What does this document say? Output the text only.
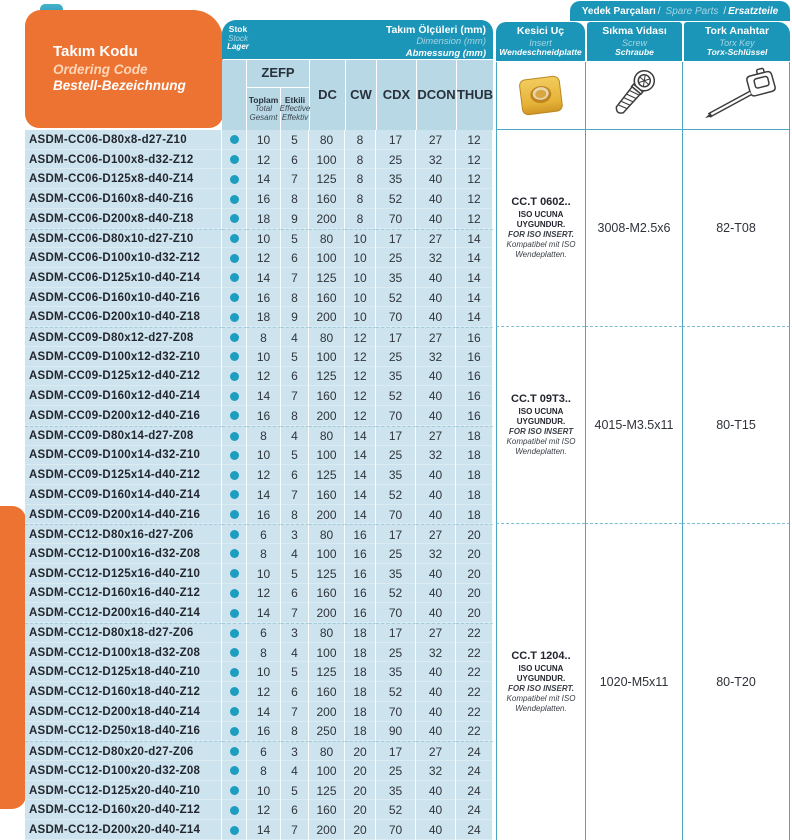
Takım Kodu
Ordering Code
Bestell-Bezeichnung
Stok
Stock
Lager
Takım Ölçüleri (mm)
Dimension (mm)
Abmessung (mm)
ZEFP
Toplam
Total
Gesamt
Etkili
Effective
Effektiv
DC CW CDX DCON THUB
Yedek Parçaları / Spare Parts / Ersatzteile
Kesici Uç
Insert
Wendeschneidplatte
Sıkma Vidası
Screw
Schraube
Tork Anahtar
Torx Key
Torx-Schlüssel
ASDM-CC06-D80x8-d27-Z10	10	5	80	8	17	27	12
ASDM-CC06-D100x8-d32-Z12	12	6	100	8	25	32	12
ASDM-CC06-D125x8-d40-Z14	14	7	125	8	35	40	12
ASDM-CC06-D160x8-d40-Z16	16	8	160	8	52	40	12
ASDM-CC06-D200x8-d40-Z18	18	9	200	8	70	40	12
ASDM-CC06-D80x10-d27-Z10	10	5	80	10	17	27	14
ASDM-CC06-D100x10-d32-Z12	12	6	100	10	25	32	14
ASDM-CC06-D125x10-d40-Z14	14	7	125	10	35	40	14
ASDM-CC06-D160x10-d40-Z16	16	8	160	10	52	40	14
ASDM-CC06-D200x10-d40-Z18	18	9	200	10	70	40	14
ASDM-CC09-D80x12-d27-Z08	8	4	80	12	17	27	16
ASDM-CC09-D100x12-d32-Z10	10	5	100	12	25	32	16
ASDM-CC09-D125x12-d40-Z12	12	6	125	12	35	40	16
ASDM-CC09-D160x12-d40-Z14	14	7	160	12	52	40	16
ASDM-CC09-D200x12-d40-Z16	16	8	200	12	70	40	16
ASDM-CC09-D80x14-d27-Z08	8	4	80	14	17	27	18
ASDM-CC09-D100x14-d32-Z10	10	5	100	14	25	32	18
ASDM-CC09-D125x14-d40-Z12	12	6	125	14	35	40	18
ASDM-CC09-D160x14-d40-Z14	14	7	160	14	52	40	18
ASDM-CC09-D200x14-d40-Z16	16	8	200	14	70	40	18
ASDM-CC12-D80x16-d27-Z06	6	3	80	16	17	27	20
ASDM-CC12-D100x16-d32-Z08	8	4	100	16	25	32	20
ASDM-CC12-D125x16-d40-Z10	10	5	125	16	35	40	20
ASDM-CC12-D160x16-d40-Z12	12	6	160	16	52	40	20
ASDM-CC12-D200x16-d40-Z14	14	7	200	16	70	40	20
ASDM-CC12-D80x18-d27-Z06	6	3	80	18	17	27	22
ASDM-CC12-D100x18-d32-Z08	8	4	100	18	25	32	22
ASDM-CC12-D125x18-d40-Z10	10	5	125	18	35	40	22
ASDM-CC12-D160x18-d40-Z12	12	6	160	18	52	40	22
ASDM-CC12-D200x18-d40-Z14	14	7	200	18	70	40	22
ASDM-CC12-D250x18-d40-Z16	16	8	250	18	90	40	22
ASDM-CC12-D80x20-d27-Z06	6	3	80	20	17	27	24
ASDM-CC12-D100x20-d32-Z08	8	4	100	20	25	32	24
ASDM-CC12-D125x20-d40-Z10	10	5	125	20	35	40	24
ASDM-CC12-D160x20-d40-Z12	12	6	160	20	52	40	24
ASDM-CC12-D200x20-d40-Z14	14	7	200	20	70	40	24
CC.T 0602..
ISO UCUNA UYGUNDUR.
FOR ISO INSERT.
Kompatibel mit ISO Wendeplatten.
3008-M2.5x6	82-T08
CC.T 09T3..
ISO UCUNA UYGUNDUR.
FOR ISO INSERT
Kompatibel mit ISO Wendeplatten.
4015-M3.5x11	80-T15
CC.T 1204..
ISO UCUNA UYGUNDUR.
FOR ISO INSERT.
Kompatibel mit ISO Wendeplatten.
1020-M5x11	80-T20
